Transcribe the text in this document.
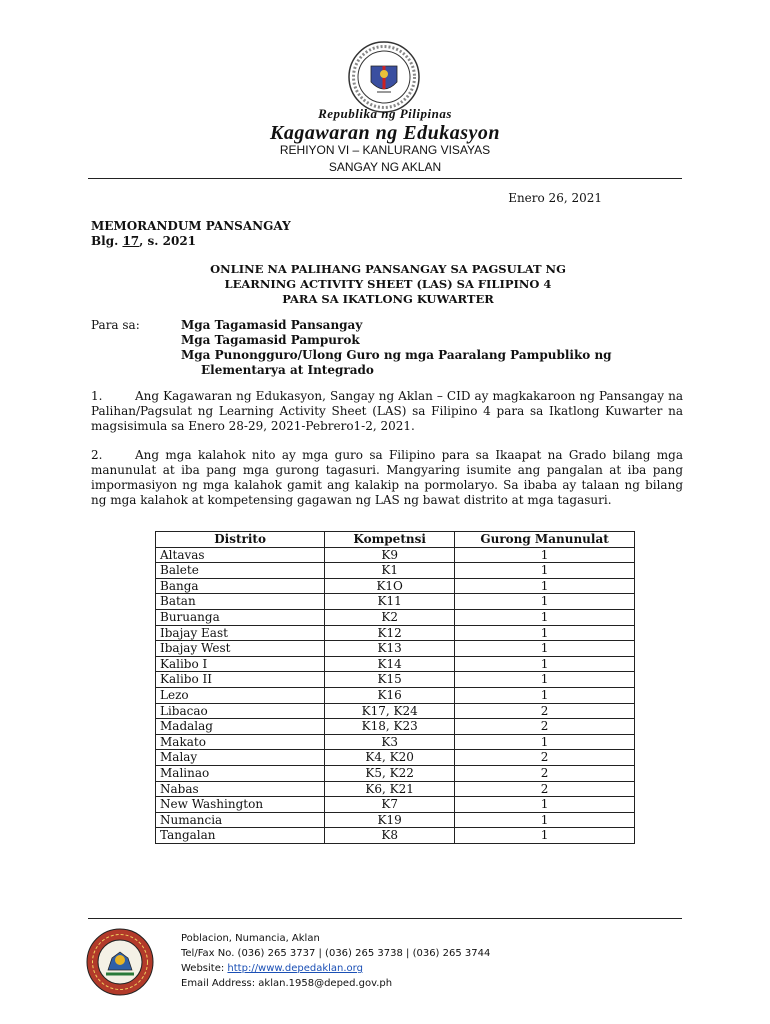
Republika ng Pilipinas
Kagawaran ng Edukasyon
REHIYON VI – KANLURANG VISAYAS
SANGAY NG AKLAN
Enero 26, 2021
MEMORANDUM PANSANGAY
Blg. 17, s. 2021
ONLINE NA PALIHANG PANSANGAY SA PAGSULAT NG
LEARNING ACTIVITY SHEET (LAS) SA FILIPINO 4
PARA SA IKATLONG KUWARTER
Para sa:	Mga Tagamasid Pansangay
Mga Tagamasid Pampurok
Mga Punongguro/Ulong Guro ng mga Paaralang Pampubliko ng
Elementarya at Integrado
1.	Ang Kagawaran ng Edukasyon, Sangay ng Aklan – CID ay magkakaroon ng Pansangay na Palihan/Pagsulat ng Learning Activity Sheet (LAS) sa Filipino 4 para sa Ikatlong Kuwarter na magsisimula sa Enero 28-29, 2021-Pebrero1-2, 2021.
2.	Ang mga kalahok nito ay mga guro sa Filipino para sa Ikaapat na Grado bilang mga manunulat at iba pang mga gurong tagasuri. Mangyaring isumite ang pangalan at iba pang impormasiyon ng mga kalahok gamit ang kalakip na pormolaryo. Sa ibaba ay talaan ng bilang ng mga kalahok at kompetensing gagawan ng LAS ng bawat distrito at mga tagasuri.
Distrito	Kompetnsi	Gurong Manunulat
Altavas	K9	1
Balete	K1	1
Banga	K1O	1
Batan	K11	1
Buruanga	K2	1
Ibajay East	K12	1
Ibajay West	K13	1
Kalibo I	K14	1
Kalibo II	K15	1
Lezo	K16	1
Libacao	K17, K24	2
Madalag	K18, K23	2
Makato	K3	1
Malay	K4, K20	2
Malinao	K5, K22	2
Nabas	K6, K21	2
New Washington	K7	1
Numancia	K19	1
Tangalan	K8	1
Poblacion, Numancia, Aklan
Tel/Fax No. (036) 265 3737 | (036) 265 3738 | (036) 265 3744
Website: http://www.depedaklan.org
Email Address: aklan.1958@deped.gov.ph
